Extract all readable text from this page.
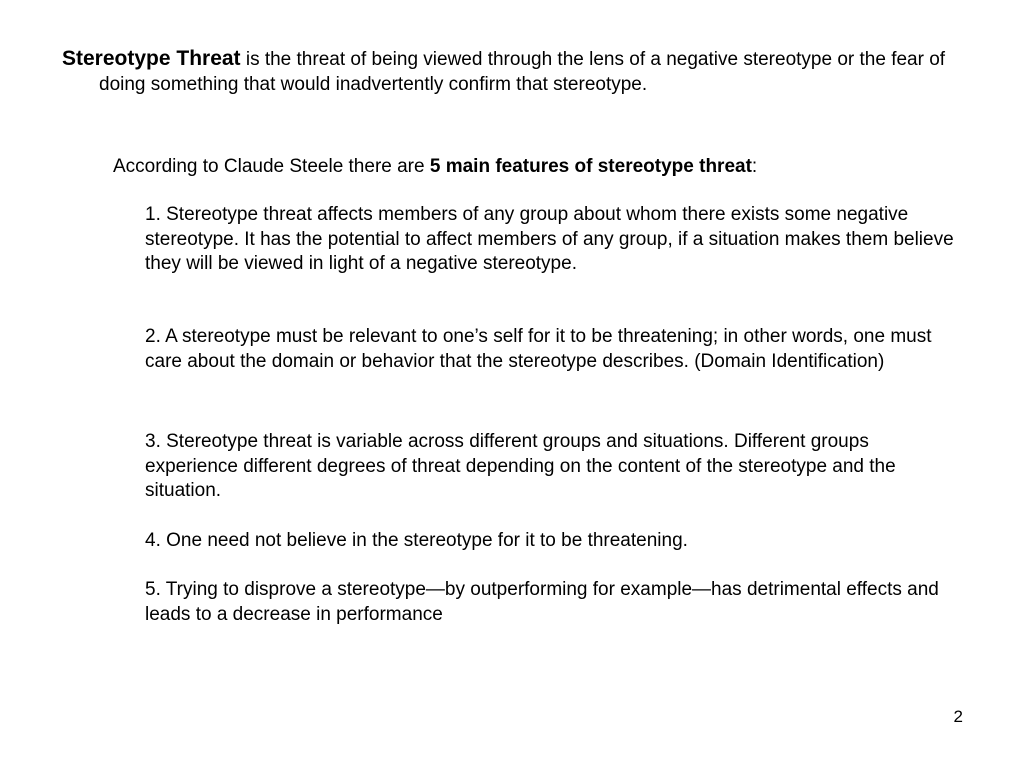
Stereotype Threat is the threat of being viewed through the lens of a negative stereotype or the fear of doing something that would inadvertently confirm that stereotype.

According to Claude Steele there are 5 main features of stereotype threat:

1. Stereotype threat affects members of any group about whom there exists some negative stereotype. It has the potential to affect members of any group, if a situation makes them believe they will be viewed in light of a negative stereotype.

2. A stereotype must be relevant to one’s self for it to be threatening; in other words, one must care about the domain or behavior that the stereotype describes. (Domain Identification)

3. Stereotype threat is variable across different groups and situations. Different groups experience different degrees of threat depending on the content of the stereotype and the situation.

4. One need not believe in the stereotype for it to be threatening.

5. Trying to disprove a stereotype—by outperforming for example—has detrimental effects and leads to a decrease in performance

2
